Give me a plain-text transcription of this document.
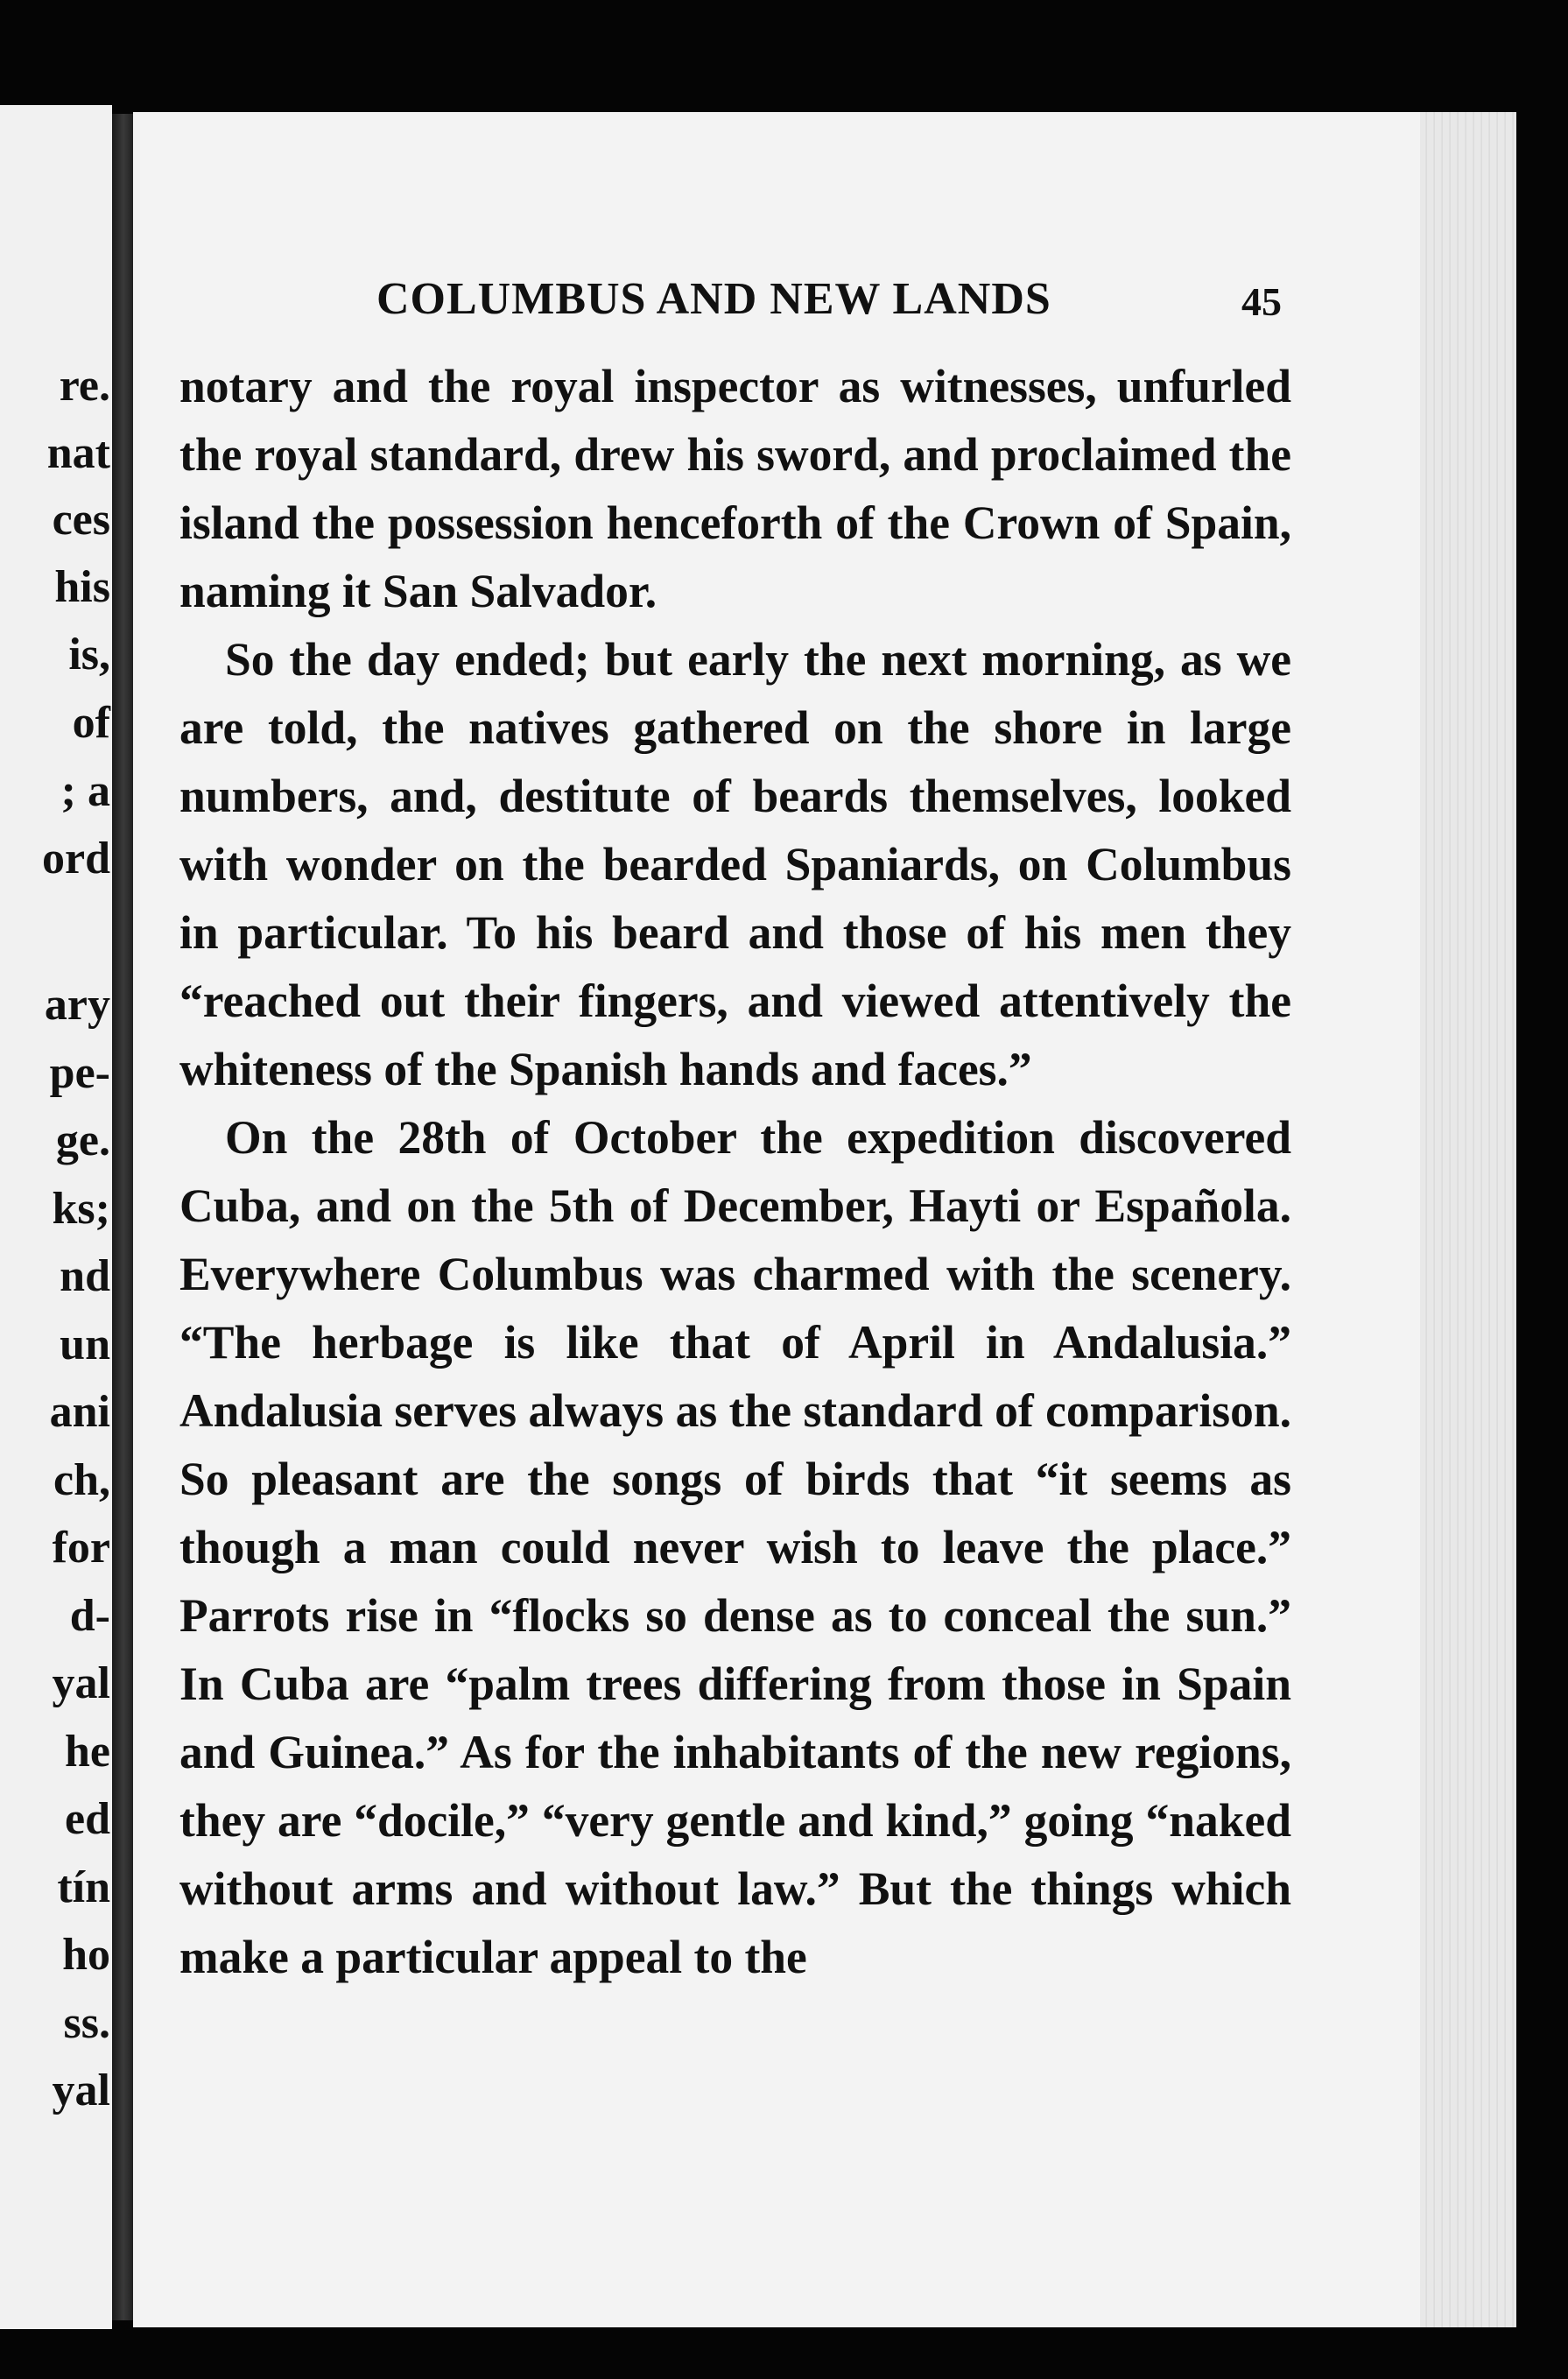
re.
nat
ces
his
is,
of
; a
ord
ary
pe-
ge.
ks;
nd
un
ani
ch,
for
d-
yal
he
ed
tín
ho
ss.
yal
COLUMBUS AND NEW LANDS	45

notary and the royal inspector as witnesses, unfurled the royal standard, drew his sword, and proclaimed the island the possession henceforth of the Crown of Spain, naming it San Salvador.

So the day ended; but early the next morning, as we are told, the natives gathered on the shore in large numbers, and, destitute of beards themselves, looked with wonder on the bearded Spaniards, on Columbus in particular. To his beard and those of his men they “reached out their fingers, and viewed attentively the whiteness of the Spanish hands and faces.”

On the 28th of October the expedition discovered Cuba, and on the 5th of December, Hayti or Española. Everywhere Columbus was charmed with the scenery. “The herbage is like that of April in Andalusia.” Andalusia serves always as the standard of comparison. So pleasant are the songs of birds that “it seems as though a man could never wish to leave the place.” Parrots rise in “flocks so dense as to conceal the sun.” In Cuba are “palm trees differing from those in Spain and Guinea.” As for the inhabitants of the new regions, they are “docile,” “very gentle and kind,” going “naked without arms and without law.” But the things which make a particular appeal to the
